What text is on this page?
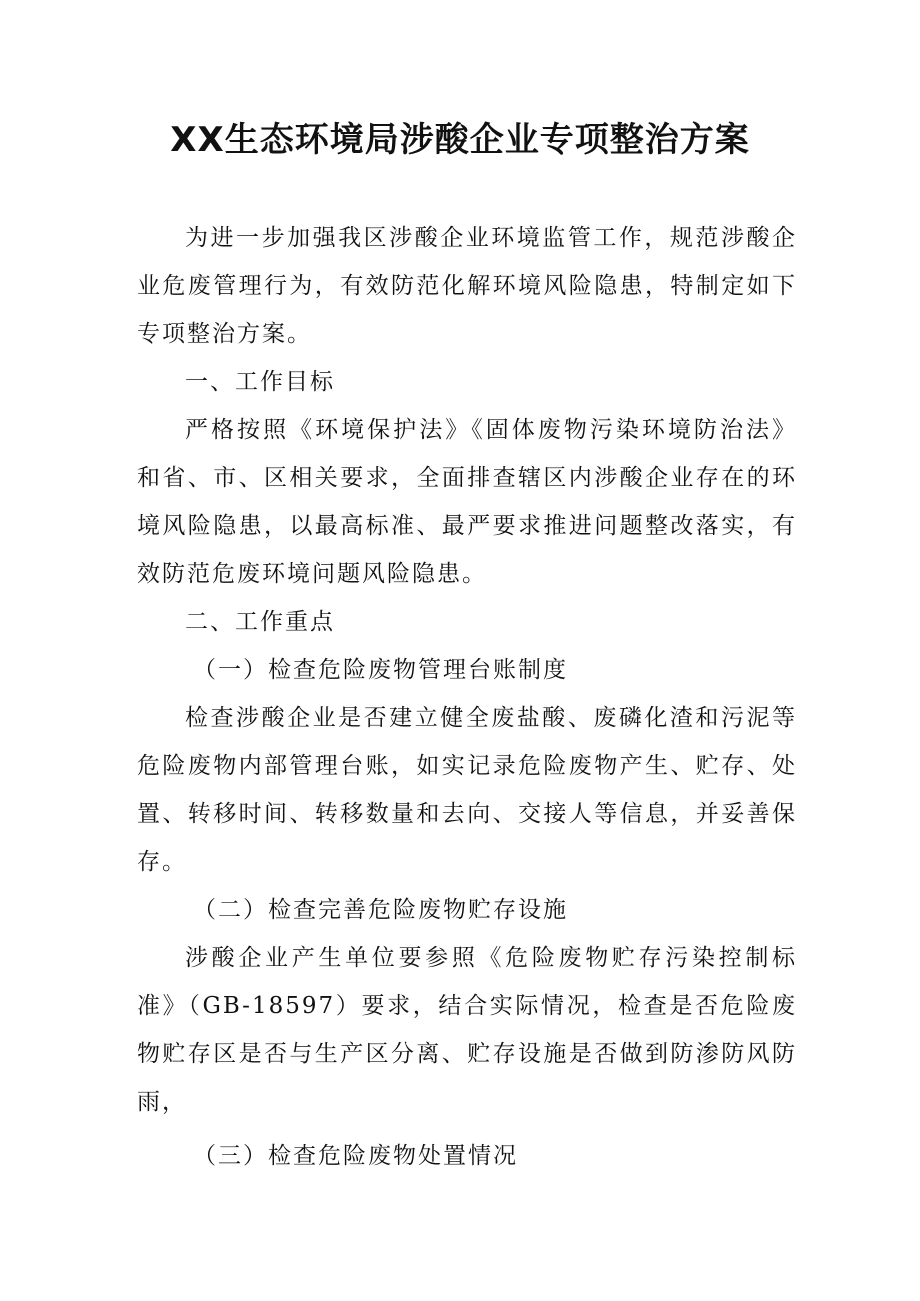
XX生态环境局涉酸企业专项整治方案

为进一步加强我区涉酸企业环境监管工作，规范涉酸企业危废管理行为，有效防范化解环境风险隐患，特制定如下专项整治方案。

一、工作目标

严格按照《环境保护法》《固体废物污染环境防治法》和省、市、区相关要求，全面排查辖区内涉酸企业存在的环境风险隐患，以最高标准、最严要求推进问题整改落实，有效防范危废环境问题风险隐患。

二、工作重点

（一）检查危险废物管理台账制度

检查涉酸企业是否建立健全废盐酸、废磷化渣和污泥等危险废物内部管理台账，如实记录危险废物产生、贮存、处置、转移时间、转移数量和去向、交接人等信息，并妥善保存。

（二）检查完善危险废物贮存设施

涉酸企业产生单位要参照《危险废物贮存污染控制标准》（GB-18597）要求，结合实际情况，检查是否危险废物贮存区是否与生产区分离、贮存设施是否做到防渗防风防雨，

（三）检查危险废物处置情况
